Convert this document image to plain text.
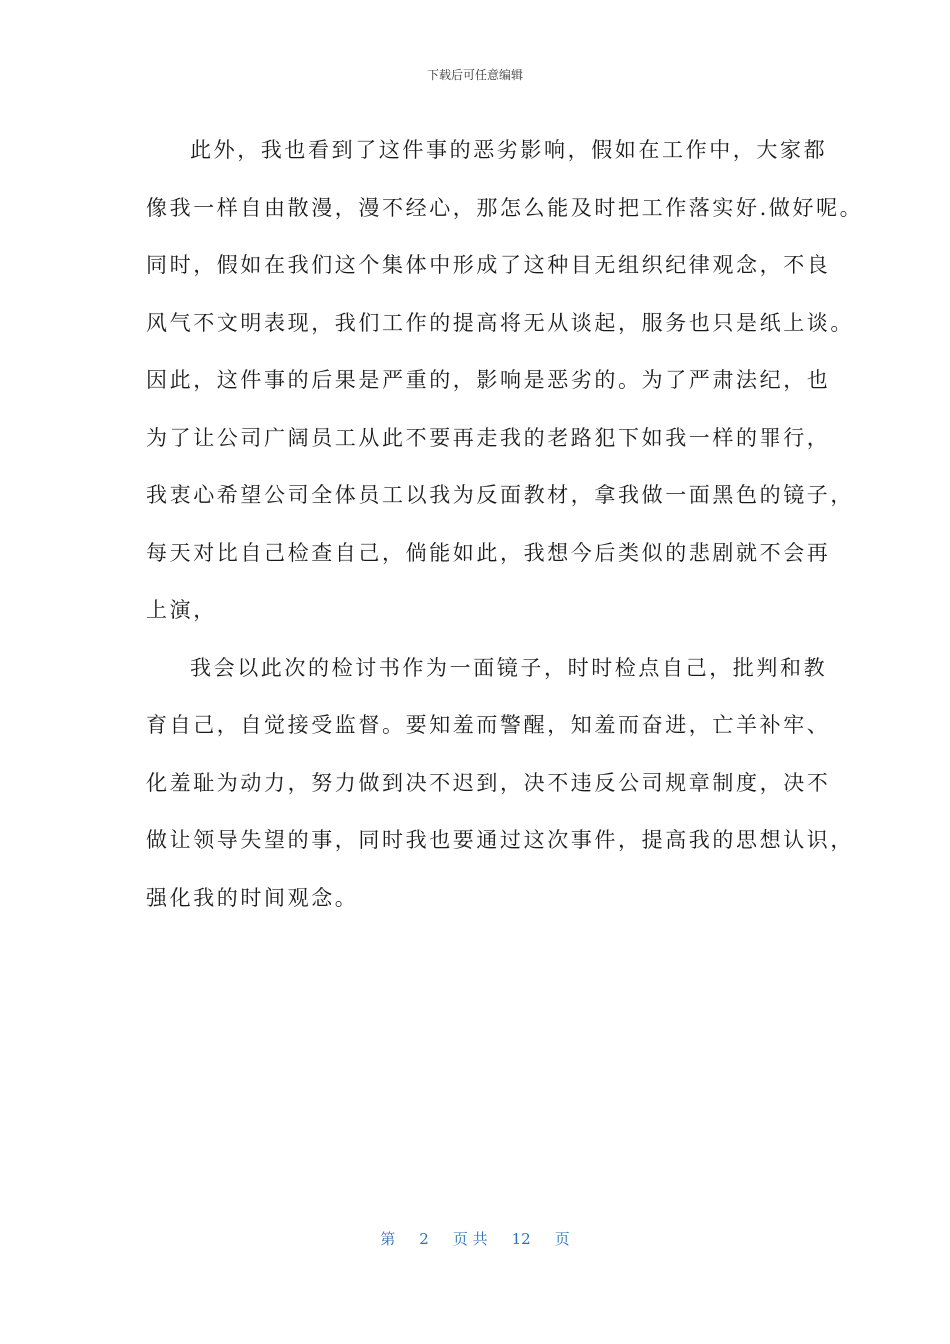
下载后可任意编辑
此外，我也看到了这件事的恶劣影响，假如在工作中，大家都
像我一样自由散漫，漫不经心，那怎么能及时把工作落实好.做好呢。
同时，假如在我们这个集体中形成了这种目无组织纪律观念，不良
风气不文明表现，我们工作的提高将无从谈起，服务也只是纸上谈。
因此，这件事的后果是严重的，影响是恶劣的。为了严肃法纪，也
为了让公司广阔员工从此不要再走我的老路犯下如我一样的罪行，
我衷心希望公司全体员工以我为反面教材，拿我做一面黑色的镜子，
每天对比自己检查自己，倘能如此，我想今后类似的悲剧就不会再
上演，
我会以此次的检讨书作为一面镜子，时时检点自己，批判和教
育自己，自觉接受监督。要知羞而警醒，知羞而奋进，亡羊补牢、
化羞耻为动力，努力做到决不迟到，决不违反公司规章制度，决不
做让领导失望的事，同时我也要通过这次事件，提高我的思想认识，
强化我的时间观念。
第 2 页 共 12 页
